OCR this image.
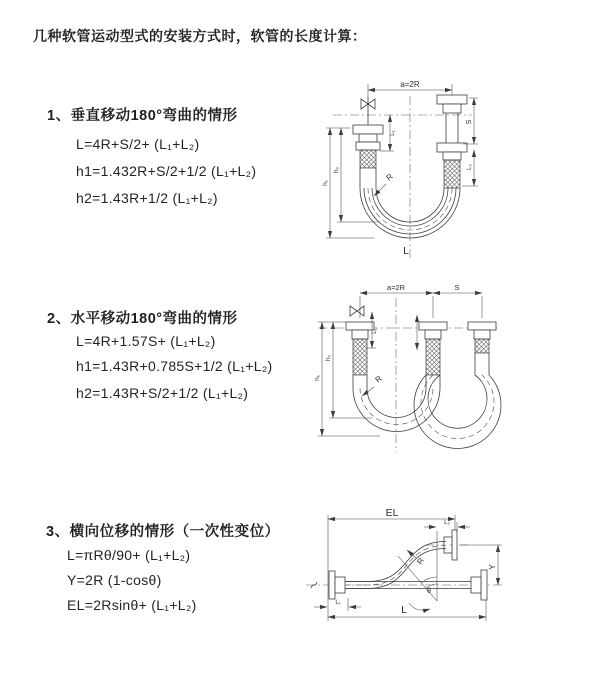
几种软管运动型式的安装方式时，软管的长度计算：
1、垂直移动180°弯曲的情形
L=4R+S/2+ (L₁+L₂)
h1=1.432R+S/2+1/2 (L₁+L₂)
h2=1.43R+1/2 (L₁+L₂)
2、水平移动180°弯曲的情形
L=4R+1.57S+ (L₁+L₂)
h1=1.43R+0.785S+1/2 (L₁+L₂)
h2=1.43R+S/2+1/2 (L₁+L₂)
3、横向位移的情形（一次性变位）
L=πRθ/90+ (L₁+L₂)
Y=2R (1-cosθ)
EL=2Rsinθ+ (L₁+L₂)
a=2R
h₁
h₂
L₁
S
L₂
R
L
a=2R	S
h₁
h₂
L₁
R
EL
L₂
Y
θ
R
L₁
L
